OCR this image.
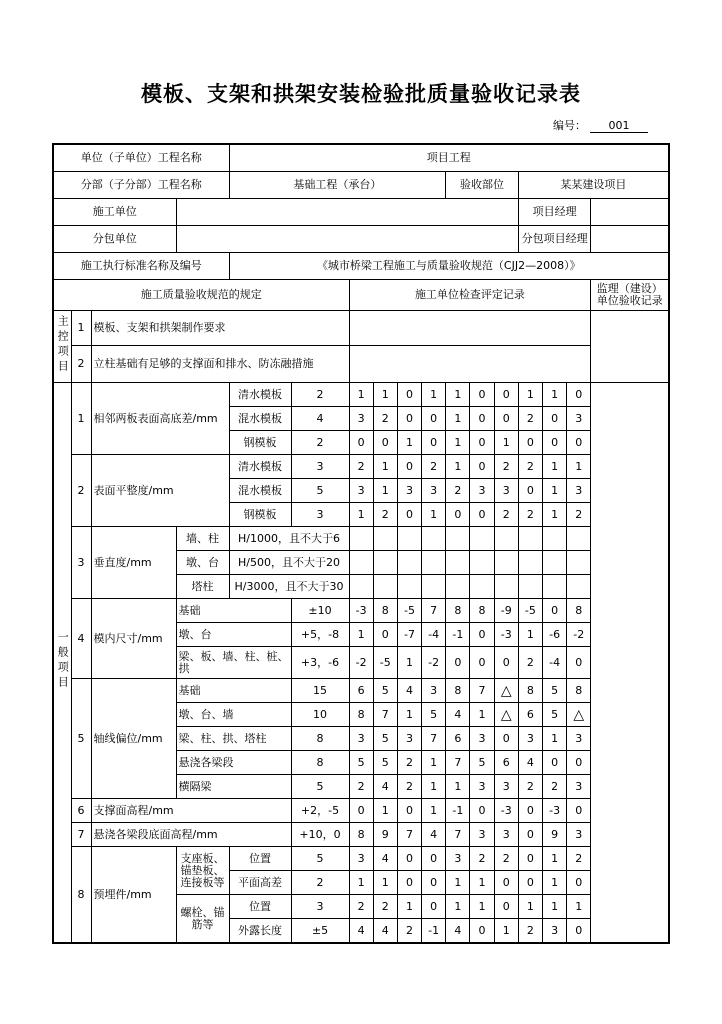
模板、支架和拱架安装检验批质量验收记录表
编号： 001
单位（子单位）工程名称				项目工程												
分部（子分部）工程名称				基础工程（承台）						验收部位			某某建设项目			
施工单位													项目经理			
分包单位													分包项目经理			
施工执行标准名称及编号				《城市桥梁工程施工与质量验收规范（CJJ2—2008）》												
施工质量验收规范的规定						施工单位检查评定记录										监理（建设）单位验收记录
主控项目	1	模板、支架和拱架制作要求														
	2	立柱基础有足够的支撑面和排水、防冻融措施														
一般项目	1	相邻两板表面高底差/mm		清水模板	2	1	1	0	1	1	0	0	1	1	0	
				混水模板	4	3	2	0	0	1	0	0	2	0	3	
				钢模板	2	0	0	1	0	1	0	1	0	0	0	
	2	表面平整度/mm		清水模板	3	2	1	0	2	1	0	2	2	1	1	
				混水模板	5	3	1	3	3	2	3	3	0	1	3	
				钢模板	3	1	2	0	1	0	0	2	2	1	2	
	3	垂直度/mm	墙、柱	H/1000，且不大于6												
			墩、台	H/500，且不大于20												
			塔柱	H/3000，且不大于30												
	4	模内尺寸/mm	基础		±10	-3	8	-5	7	8	8	-9	-5	0	8	
			墩、台		+5，-8	1	0	-7	-4	-1	0	-3	1	-6	-2	
			梁、板、墙、柱、桩、拱		+3，-6	-2	-5	1	-2	0	0	0	2	-4	0	
	5	轴线偏位/mm	基础		15	6	5	4	3	8	7	△	8	5	8	
			墩、台、墙		10	8	7	1	5	4	1	△	6	5	△	
			梁、柱、拱、塔柱		8	3	5	3	7	6	3	0	3	1	3	
			悬浇各梁段		8	5	5	2	1	7	5	6	4	0	0	
			横隔梁		5	2	4	2	1	1	3	3	2	2	3	
	6	支撑面高程/mm			+2，-5	0	1	0	1	-1	0	-3	0	-3	0	
	7	悬浇各梁段底面高程/mm			+10，0	8	9	7	4	7	3	3	0	9	3	
	8	预埋件/mm	支座板、锚垫板、连接板等	位置	5	3	4	0	0	3	2	2	0	1	2	
				平面高差	2	1	1	0	0	1	1	0	0	1	0	
			螺栓、锚筋等	位置	3	2	2	1	0	1	1	0	1	1	1	
				外露长度	±5	4	4	2	-1	4	0	1	2	3	0	
